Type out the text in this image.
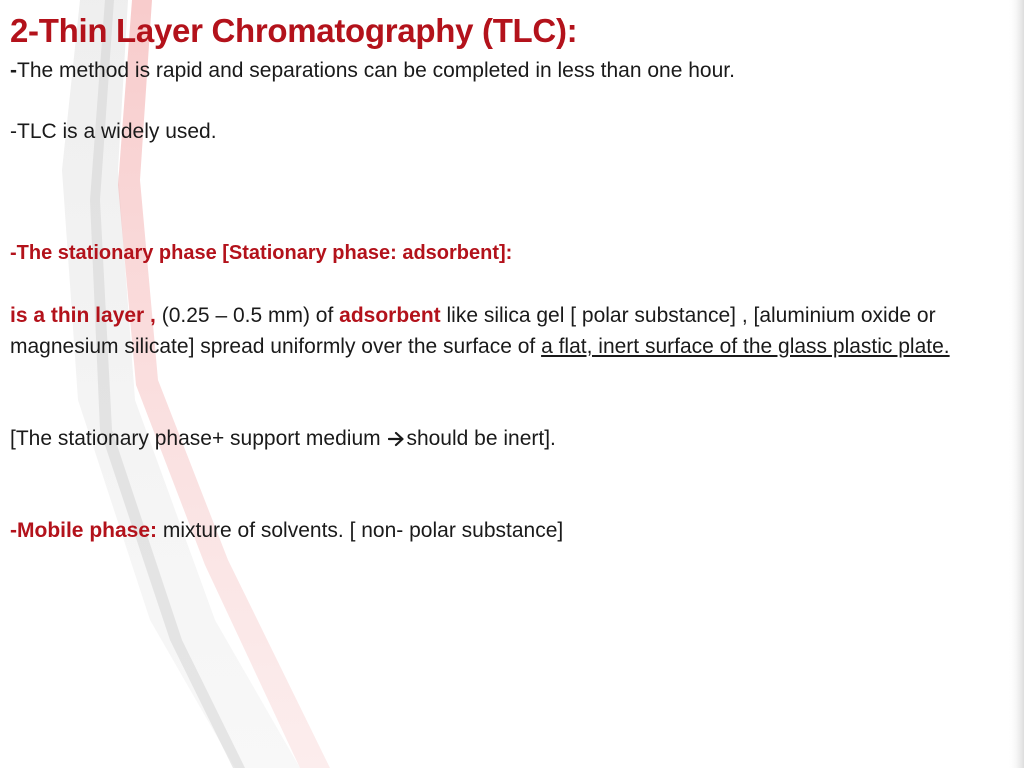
2-Thin Layer Chromatography (TLC):

-The method is rapid and separations can be completed in less than one hour.

-TLC is a widely used.

-The stationary phase [Stationary phase: adsorbent]:

is a thin layer , (0.25 – 0.5 mm) of adsorbent like silica gel [ polar substance] , [aluminium oxide or magnesium silicate] spread uniformly over the surface of a flat, inert surface of the glass plastic plate.

[The stationary phase+ support medium should be inert].

-Mobile phase: mixture of solvents. [ non- polar substance]
